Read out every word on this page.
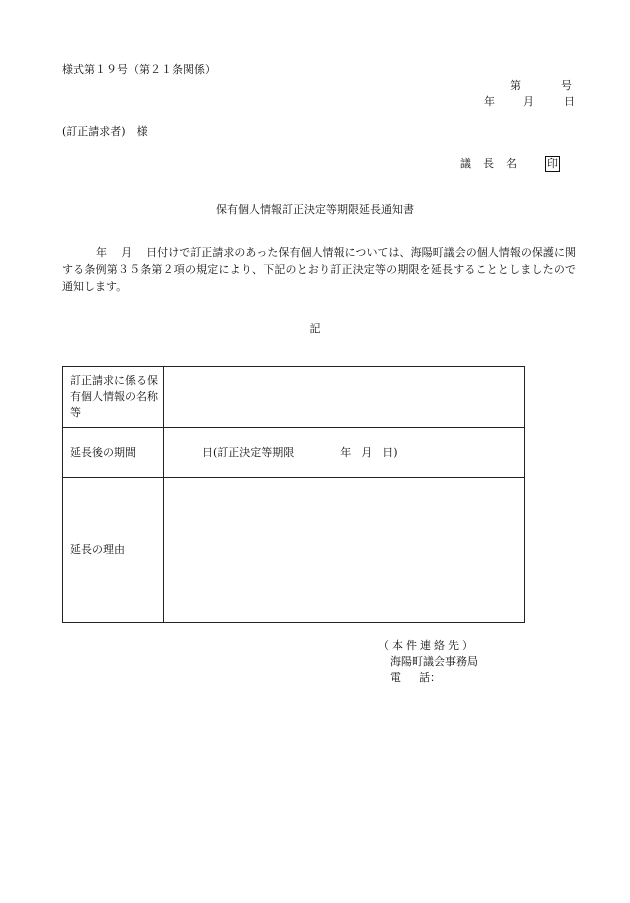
様式第１９号（第２１条関係）
第	号
年	月	日
(訂正請求者)　様
議 長 名	印
保有個人情報訂正決定等期限延長通知書
年 月 日付けで訂正請求のあった保有個人情報については、海陽町議会の個人情報の保護に関する条例第３５条第２項の規定により、下記のとおり訂正決定等の期限を延長することとしましたので通知します。
記
訂正請求に係る保有個人情報の名称等	
延長後の期間	日(訂正決定等期限 年 月 日)
延長の理由	
（本件連絡先）
海陽町議会事務局
電 話：
